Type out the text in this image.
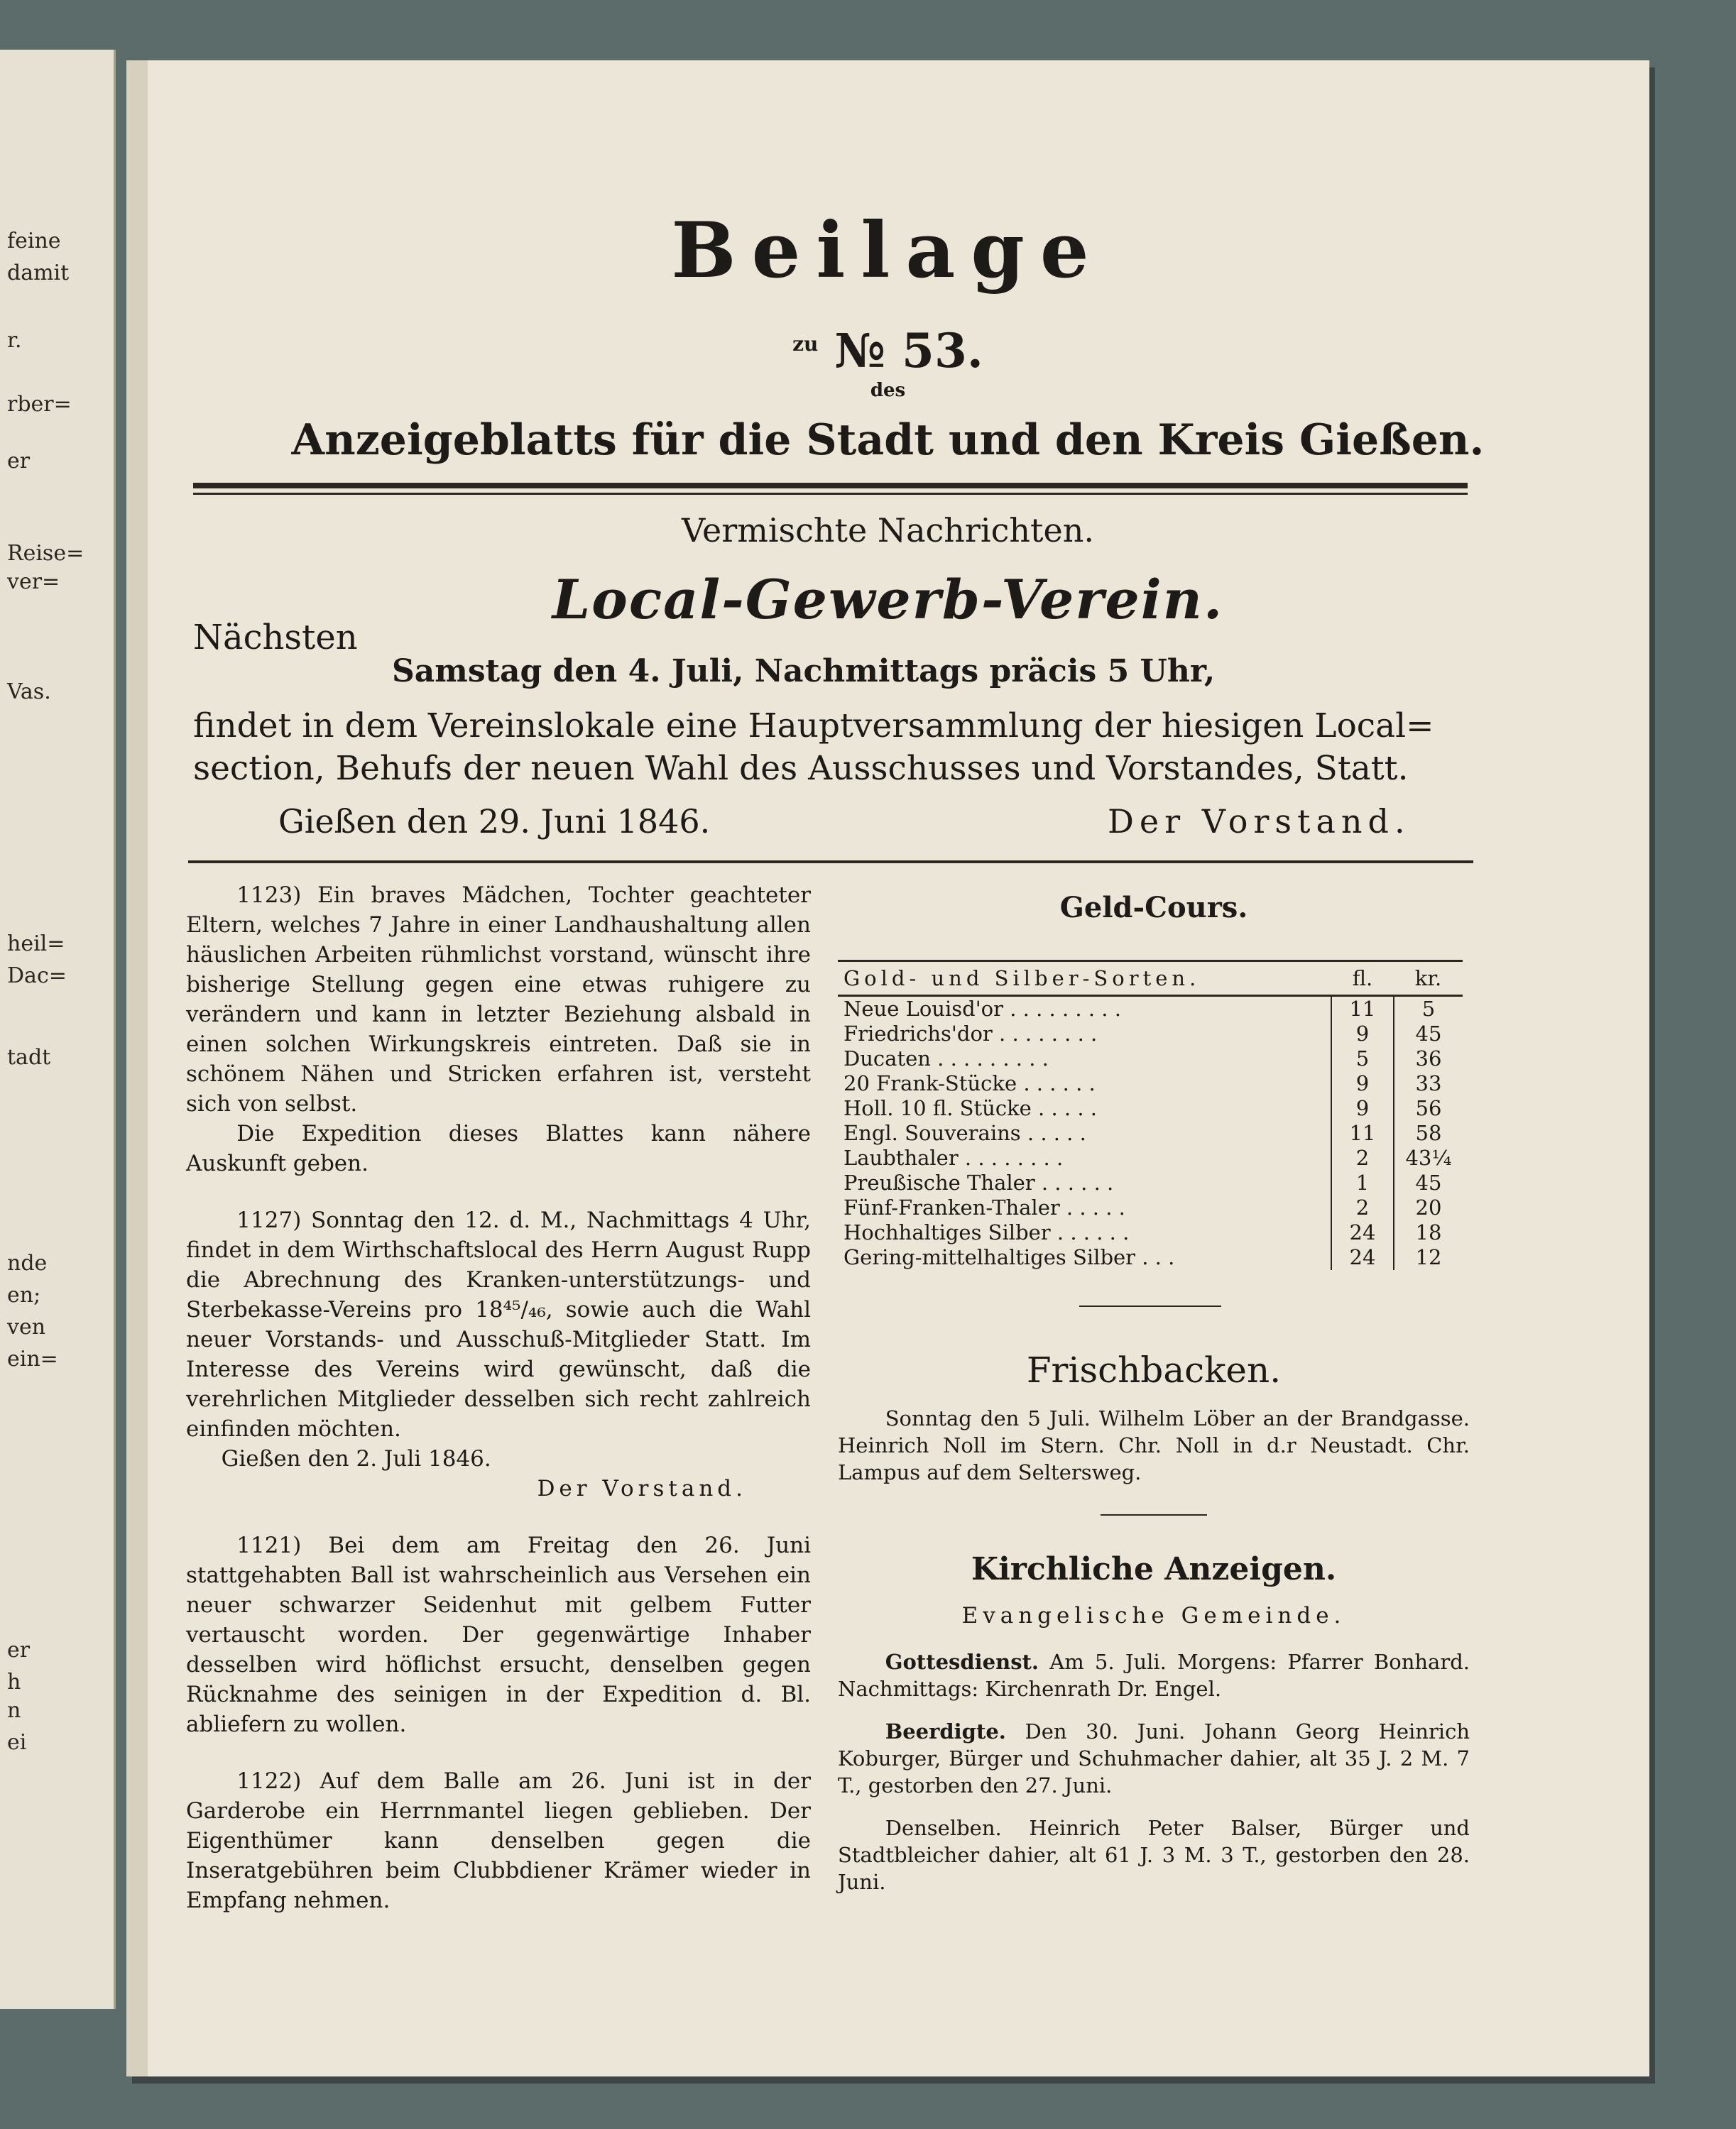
feine
damit
r.
rber=
er
Reise=
ver=
Vas.
heil=
Dac=
tadt
nde
en;
ven
ein=
er
h
n
ei
Beilage
$^{zu}$ № 53.
des
Anzeigeblatts für die Stadt und den Kreis Gießen.
Vermischte Nachrichten.
Local-Gewerb-Verein.
Nächsten
Samstag den 4. Juli, Nachmittags präcis 5 Uhr,
findet in dem Vereinslokale eine Hauptversammlung der hiesigen Local=
section, Behufs der neuen Wahl des Ausschusses und Vorstandes, Statt.
Gießen den 29. Juni 1846.	Der Vorstand.

1123) Ein braves Mädchen, Tochter geachteter Eltern, welches 7 Jahre in einer Landhaushaltung allen häuslichen Arbeiten rühmlichst vorstand, wünscht ihre bisherige Stellung gegen eine etwas ruhigere zu verändern und kann in letzter Beziehung alsbald in einen solchen Wirkungskreis eintreten. Daß sie in schönem Nähen und Stricken erfahren ist, versteht sich von selbst.

Die Expedition dieses Blattes kann nähere Auskunft geben.

1127) Sonntag den 12. d. M., Nachmittags 4 Uhr, findet in dem Wirthschaftslocal des Herrn August Rupp die Abrechnung des Kranken-unterstützungs- und Sterbekasse-Vereins pro 18⁴⁵/₄₆, sowie auch die Wahl neuer Vorstands- und Ausschuß-Mitglieder Statt. Im Interesse des Vereins wird gewünscht, daß die verehrlichen Mitglieder desselben sich recht zahlreich einfinden möchten.

Gießen den 2. Juli 1846.

Der Vorstand.

1121) Bei dem am Freitag den 26. Juni stattgehabten Ball ist wahrscheinlich aus Versehen ein neuer schwarzer Seidenhut mit gelbem Futter vertauscht worden. Der gegenwärtige Inhaber desselben wird höflichst ersucht, denselben gegen Rücknahme des seinigen in der Expedition d. Bl. abliefern zu wollen.

1122) Auf dem Balle am 26. Juni ist in der Garderobe ein Herrnmantel liegen geblieben. Der Eigenthümer kann denselben gegen die Inseratgebühren beim Clubbdiener Krämer wieder in Empfang nehmen.

Geld-Cours.
Gold- und Silber-Sorten.	fl.	kr.
Neue Louisd'or . . . . . . . . .	11	5
Friedrichs'dor . . . . . . . .	9	45
Ducaten . . . . . . . . .	5	36
20 Frank-Stücke . . . . . .	9	33
Holl. 10 fl. Stücke . . . . .	9	56
Engl. Souverains . . . . .	11	58
Laubthaler . . . . . . . .	2	43¼
Preußische Thaler . . . . . .	1	45
Fünf-Franken-Thaler . . . . .	2	20
Hochhaltiges Silber . . . . . .	24	18
Gering-mittelhaltiges Silber . . .	24	12
Frischbacken.

Sonntag den 5 Juli. Wilhelm Löber an der Brandgasse. Heinrich Noll im Stern. Chr. Noll in d.r Neustadt. Chr. Lampus auf dem Seltersweg.

Kirchliche Anzeigen.
Evangelische Gemeinde.

Gottesdienst. Am 5. Juli. Morgens: Pfarrer Bonhard. Nachmittags: Kirchenrath Dr. Engel.

Beerdigte. Den 30. Juni. Johann Georg Heinrich Koburger, Bürger und Schuhmacher dahier, alt 35 J. 2 M. 7 T., gestorben den 27. Juni.

Denselben. Heinrich Peter Balser, Bürger und Stadtbleicher dahier, alt 61 J. 3 M. 3 T., gestorben den 28. Juni.
